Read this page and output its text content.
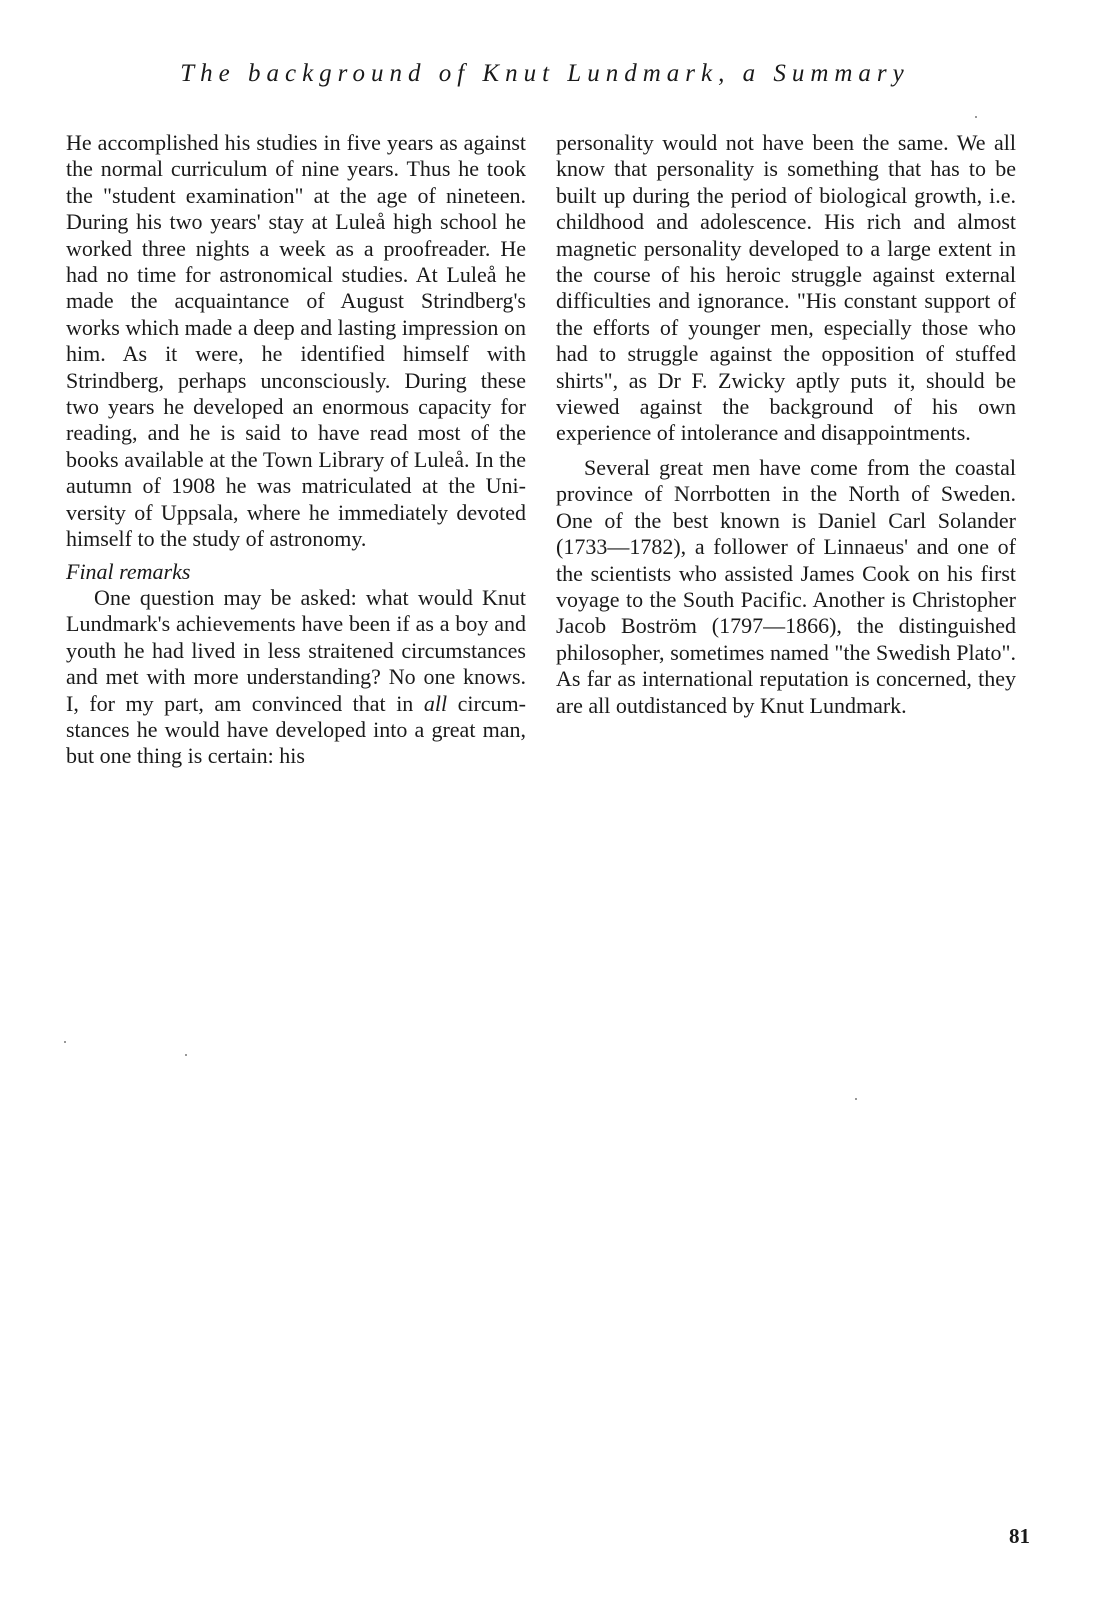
The background of Knut Lundmark, a Summary

He accomplished his studies in five years as against the normal curriculum of nine years. Thus he took the "student examination" at the age of nineteen. During his two years' stay at Luleå high school he worked three nights a week as a proofreader. He had no time for astronomical studies. At Luleå he made the acquaintance of August Strindberg's works which made a deep and lasting impression on him. As it were, he identified himself with Strindberg, perhaps unconsciously. During these two years he developed an enormous capacity for reading, and he is said to have read most of the books available at the Town Library of Luleå. In the autumn of 1908 he was matriculated at the University of Uppsala, where he immediately devoted himself to the study of astronomy.

Final remarks

One question may be asked: what would Knut Lundmark's achievements have been if as a boy and youth he had lived in less straitened circumstances and met with more understanding? No one knows. I, for my part, am convinced that in all circumstances he would have developed into a great man, but one thing is certain: his

personality would not have been the same. We all know that personality is something that has to be built up during the period of biological growth, i.e. childhood and adolescence. His rich and almost magnetic personality developed to a large extent in the course of his heroic struggle against external difficulties and ignorance. "His constant support of the efforts of younger men, especially those who had to struggle against the opposition of stuffed shirts", as Dr F. Zwicky aptly puts it, should be viewed against the background of his own experience of intolerance and disappointments.

Several great men have come from the coastal province of Norrbotten in the North of Sweden. One of the best known is Daniel Carl Solander (1733—1782), a follower of Linnaeus' and one of the scientists who assisted James Cook on his first voyage to the South Pacific. Another is Christopher Jacob Boström (1797—1866), the distinguished philosopher, sometimes named "the Swedish Plato". As far as international reputation is concerned, they are all outdistanced by Knut Lundmark.

81
